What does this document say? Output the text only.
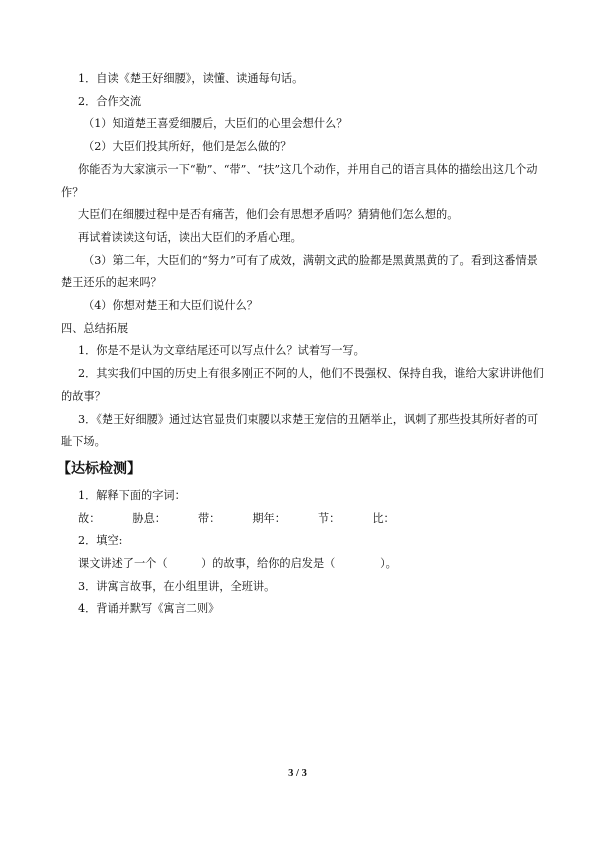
1．自读《楚王好细腰》，读懂、读通每句话。

2．合作交流

（1）知道楚王喜爱细腰后，大臣们的心里会想什么？

（2）大臣们投其所好，他们是怎么做的？

你能否为大家演示一下“勒”、“带”、“扶”这几个动作，并用自己的语言具体的描绘出这几个动作？

大臣们在细腰过程中是否有痛苦，他们会有思想矛盾吗？猜猜他们怎么想的。

再试着读读这句话，读出大臣们的矛盾心理。

（3）第二年，大臣们的“努力”可有了成效，满朝文武的脸都是黑黄黑黄的了。看到这番情景楚王还乐的起来吗？

（4）你想对楚王和大臣们说什么？

四、总结拓展

1．你是不是认为文章结尾还可以写点什么？试着写一写。

2．其实我们中国的历史上有很多刚正不阿的人，他们不畏强权、保持自我，谁给大家讲讲他们的故事？

3．《楚王好细腰》通过达官显贵们束腰以求楚王宠信的丑陋举止，讽刺了那些投其所好者的可耻下场。

【达标检测】

1．解释下面的字词：

故：	胁息：	带：	期年：	节：	比：

2．填空:

课文讲述了一个（　　　）的故事，给你的启发是（　　　　）。

3．讲寓言故事，在小组里讲，全班讲。

4．背诵并默写《寓言二则》

3 / 3
